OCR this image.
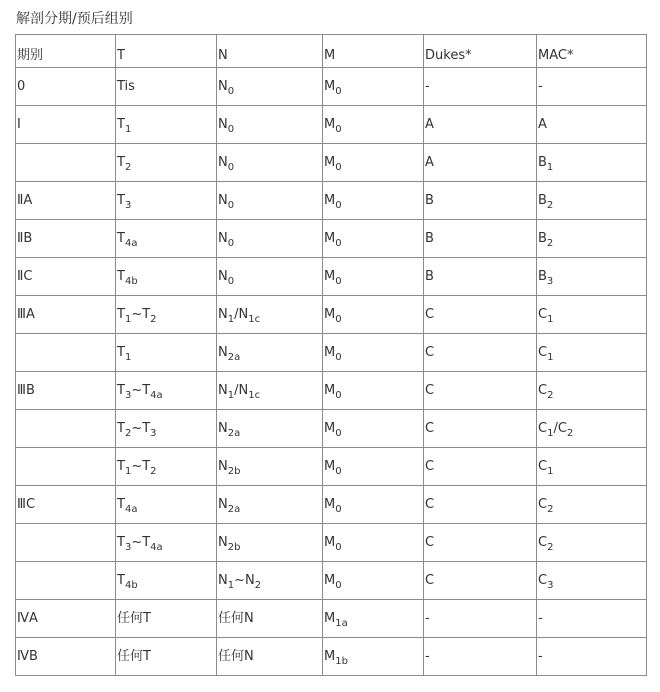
解剖分期/预后组别
期别	T	N	M	Dukes*	MAC*
0	Tis	$N_0$	$M_0$	-	-
Ⅰ	$T_1$	$N_0$	$M_0$	A	A
	$T_2$	$N_0$	$M_0$	A	$B_1$
ⅡA	$T_3$	$N_0$	$M_0$	B	$B_2$
ⅡB	$T_{4a}$	$N_0$	$M_0$	B	$B_2$
ⅡC	$T_{4b}$	$N_0$	$M_0$	B	$B_3$
ⅢA	$T_1\sim T_2$	$N_1/N_{1c}$	$M_0$	C	$C_1$
	$T_1$	$N_{2a}$	$M_0$	C	$C_1$
ⅢB	$T_3\sim T_{4a}$	$N_1/N_{1c}$	$M_0$	C	$C_2$
	$T_2\sim T_3$	$N_{2a}$	$M_0$	C	$C_1/C_2$
	$T_1\sim T_2$	$N_{2b}$	$M_0$	C	$C_1$
ⅢC	$T_{4a}$	$N_{2a}$	$M_0$	C	$C_2$
	$T_3\sim T_{4a}$	$N_{2b}$	$M_0$	C	$C_2$
	$T_{4b}$	$N_1\sim N_2$	$M_0$	C	$C_3$
ⅣA	任何T	任何N	$M_{1a}$	-	-
ⅣB	任何T	任何N	$M_{1b}$	-	-
